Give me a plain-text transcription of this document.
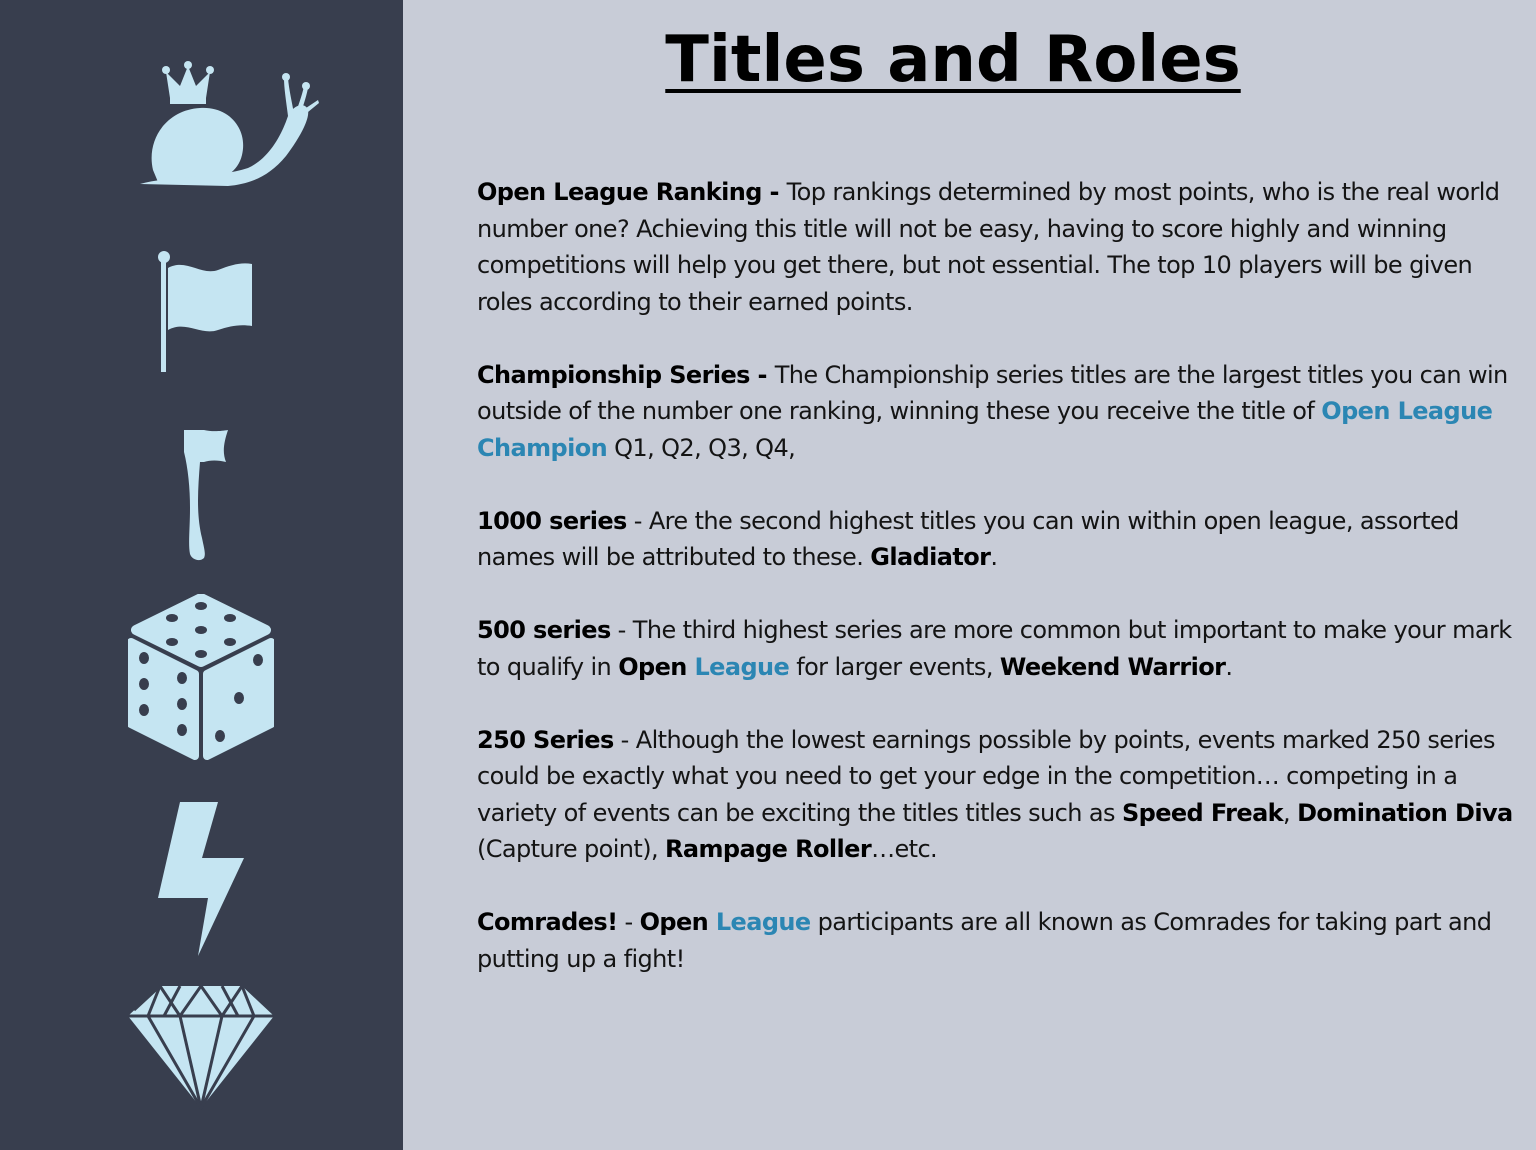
Titles and Roles

Open League Ranking - Top rankings determined by most points, who is the real world number one? Achieving this title will not be easy, having to score highly and winning competitions will help you get there, but not essential. The top 10 players will be given roles according to their earned points.

Championship Series - The Championship series titles are the largest titles you can win outside of the number one ranking, winning these you receive the title of Open League Champion Q1, Q2, Q3, Q4,

1000 series - Are the second highest titles you can win within open league, assorted names will be attributed to these. Gladiator.

500 series - The third highest series are more common but important to make your mark to qualify in Open League for larger events, Weekend Warrior.

250 Series - Although the lowest earnings possible by points, events marked 250 series could be exactly what you need to get your edge in the competition… competing in a variety of events can be exciting the titles titles such as Speed Freak, Domination Diva (Capture point), Rampage Roller…etc.

Comrades! - Open League participants are all known as Comrades for taking part and putting up a fight!
